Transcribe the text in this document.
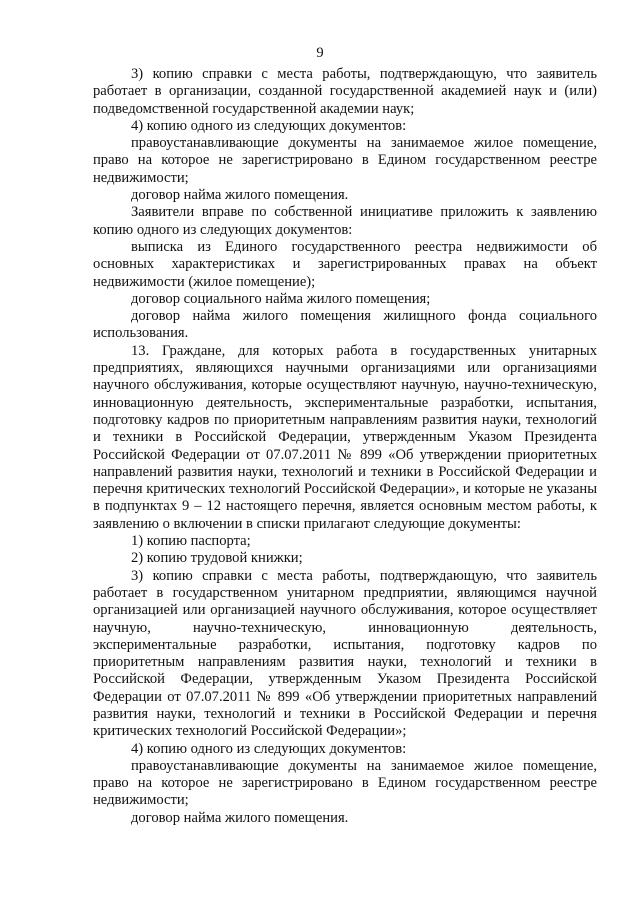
9

3) копию справки с места работы, подтверждающую, что заявитель работает в организации, созданной государственной академией наук и (или) подведомственной государственной академии наук;

4) копию одного из следующих документов:

правоустанавливающие документы на занимаемое жилое помещение, право на которое не зарегистрировано в Едином государственном реестре недвижимости;

договор найма жилого помещения.

Заявители вправе по собственной инициативе приложить к заявлению копию одного из следующих документов:

выписка из Единого государственного реестра недвижимости об основных характеристиках и зарегистрированных правах на объект недвижимости (жилое помещение);

договор социального найма жилого помещения;

договор найма жилого помещения жилищного фонда социального использования.

13. Граждане, для которых работа в государственных унитарных предприятиях, являющихся научными организациями или организациями научного обслуживания, которые осуществляют научную, научно-техническую, инновационную деятельность, экспериментальные разработки, испытания, подготовку кадров по приоритетным направлениям развития науки, технологий и техники в Российской Федерации, утвержденным Указом Президента Российской Федерации от 07.07.2011 № 899 «Об утверждении приоритетных направлений развития науки, технологий и техники в Российской Федерации и перечня критических технологий Российской Федерации», и которые не указаны в подпунктах 9 – 12 настоящего перечня, является основным местом работы, к заявлению о включении в списки прилагают следующие документы:

1) копию паспорта;

2) копию трудовой книжки;

3) копию справки с места работы, подтверждающую, что заявитель работает в государственном унитарном предприятии, являющимся научной организацией или организацией научного обслуживания, которое осуществляет научную, научно-техническую, инновационную деятельность, экспериментальные разработки, испытания, подготовку кадров по приоритетным направлениям развития науки, технологий и техники в Российской Федерации, утвержденным Указом Президента Российской Федерации от 07.07.2011 № 899 «Об утверждении приоритетных направлений развития науки, технологий и техники в Российской Федерации и перечня критических технологий Российской Федерации»;

4) копию одного из следующих документов:

правоустанавливающие документы на занимаемое жилое помещение, право на которое не зарегистрировано в Едином государственном реестре недвижимости;

договор найма жилого помещения.
